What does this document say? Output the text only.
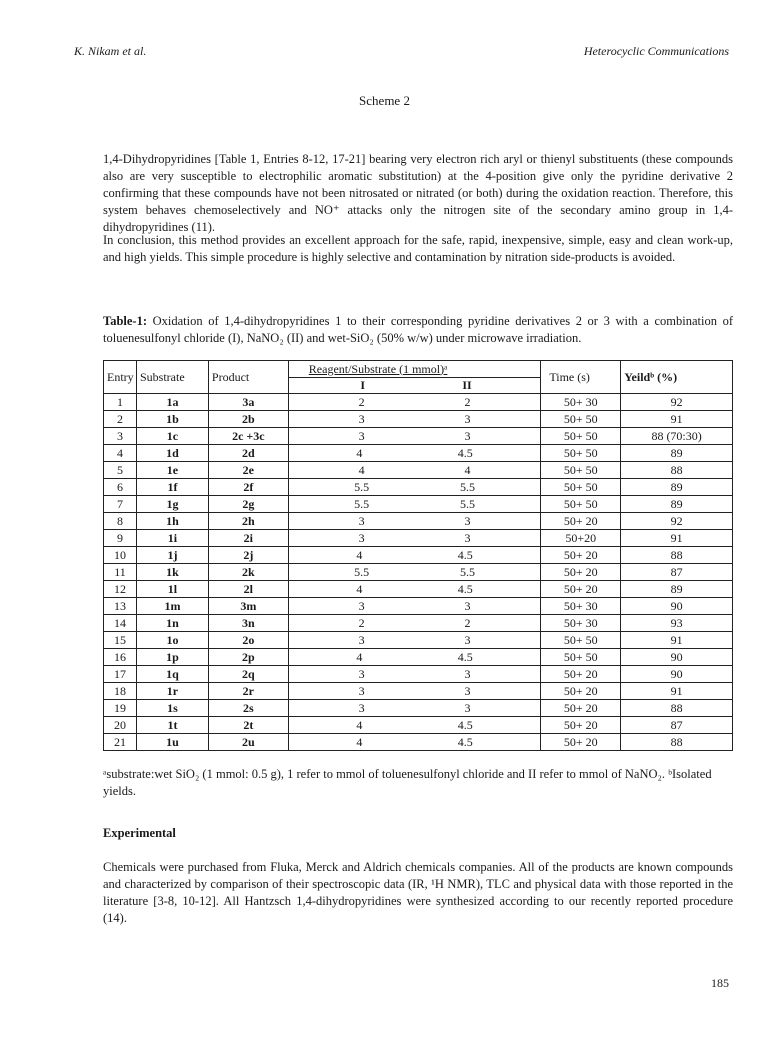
K. Nikam et al.	Heterocyclic Communications
Scheme 2

1,4-Dihydropyridines [Table 1, Entries 8-12, 17-21] bearing very electron rich aryl or thienyl substituents (these compounds also are very susceptible to electrophilic aromatic substitution) at the 4-position give only the pyridine derivative 2 confirming that these compounds have not been nitrosated or nitrated (or both) during the oxidation reaction. Therefore, this system behaves chemoselectively and NO⁺ attacks only the nitrogen site of the secondary amino group in 1,4-dihydropyridines (11).

In conclusion, this method provides an excellent approach for the safe, rapid, inexpensive, simple, easy and clean work-up, and high yields. This simple procedure is highly selective and contamination by nitration side-products is avoided.

Table-1: Oxidation of 1,4-dihydropyridines 1 to their corresponding pyridine derivatives 2 or 3 with a combination of toluenesulfonyl chloride (I), NaNO₂ (II) and wet-SiO₂ (50% w/w) under microwave irradiation.

Entry	Substrate	Product	Reagent/Substrate (1 mmol)ᵃ	Time (s)	Yeildᵇ (%)

			I II		

1	1a	3a	2 2	50+ 30	92
2	1b	2b	3 3	50+ 50	91
3	1c	2c +3c	3 3	50+ 50	88 (70:30)
4	1d	2d	4 4.5	50+ 50	89
5	1e	2e	4 4	50+ 50	88
6	1f	2f	5.5 5.5	50+ 50	89
7	1g	2g	5.5 5.5	50+ 50	89
8	1h	2h	3 3	50+ 20	92
9	1i	2i	3 3	50+20	91
10	1j	2j	4 4.5	50+ 20	88
11	1k	2k	5.5 5.5	50+ 20	87
12	1l	2l	4 4.5	50+ 20	89
13	1m	3m	3 3	50+ 30	90
14	1n	3n	2 2	50+ 30	93
15	1o	2o	3 3	50+ 50	91
16	1p	2p	4 4.5	50+ 50	90
17	1q	2q	3 3	50+ 20	90
18	1r	2r	3 3	50+ 20	91
19	1s	2s	3 3	50+ 20	88
20	1t	2t	4 4.5	50+ 20	87
21	1u	2u	4 4.5	50+ 20	88

ᵃsubstrate:wet SiO₂ (1 mmol: 0.5 g), 1 refer to mmol of toluenesulfonyl chloride and II refer to mmol of NaNO₂. ᵇIsolated yields.

Experimental

Chemicals were purchased from Fluka, Merck and Aldrich chemicals companies. All of the products are known compounds and characterized by comparison of their spectroscopic data (IR, ¹H NMR), TLC and physical data with those reported in the literature [3-8, 10-12]. All Hantzsch 1,4-dihydropyridines were synthesized according to our recently reported procedure (14).

185
